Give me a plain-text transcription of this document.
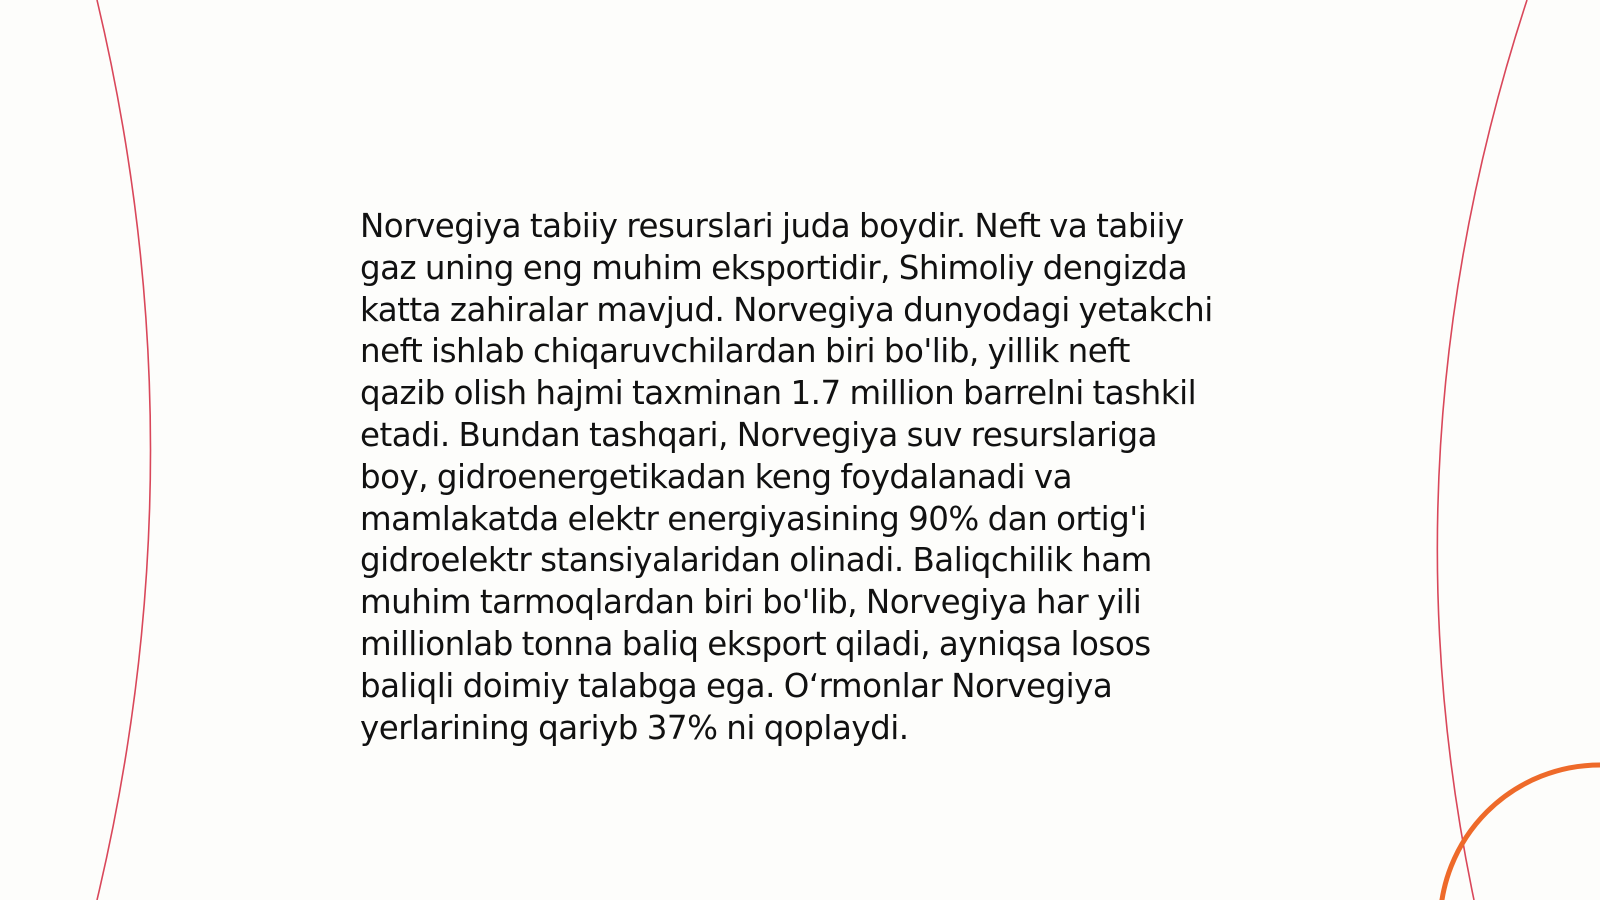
Norvegiya tabiiy resurslari juda boydir. Neft va tabiiy
gaz uning eng muhim eksportidir, Shimoliy dengizda
katta zahiralar mavjud. Norvegiya dunyodagi yetakchi
neft ishlab chiqaruvchilardan biri bo'lib, yillik neft
qazib olish hajmi taxminan 1.7 million barrelni tashkil
etadi. Bundan tashqari, Norvegiya suv resurslariga
boy, gidroenergetikadan keng foydalanadi va
mamlakatda elektr energiyasining 90% dan ortig'i
gidroelektr stansiyalaridan olinadi. Baliqchilik ham
muhim tarmoqlardan biri bo'lib, Norvegiya har yili
millionlab tonna baliq eksport qiladi, ayniqsa losos
baliqli doimiy talabga ega. O‘rmonlar Norvegiya
yerlarining qariyb 37% ni qoplaydi.
